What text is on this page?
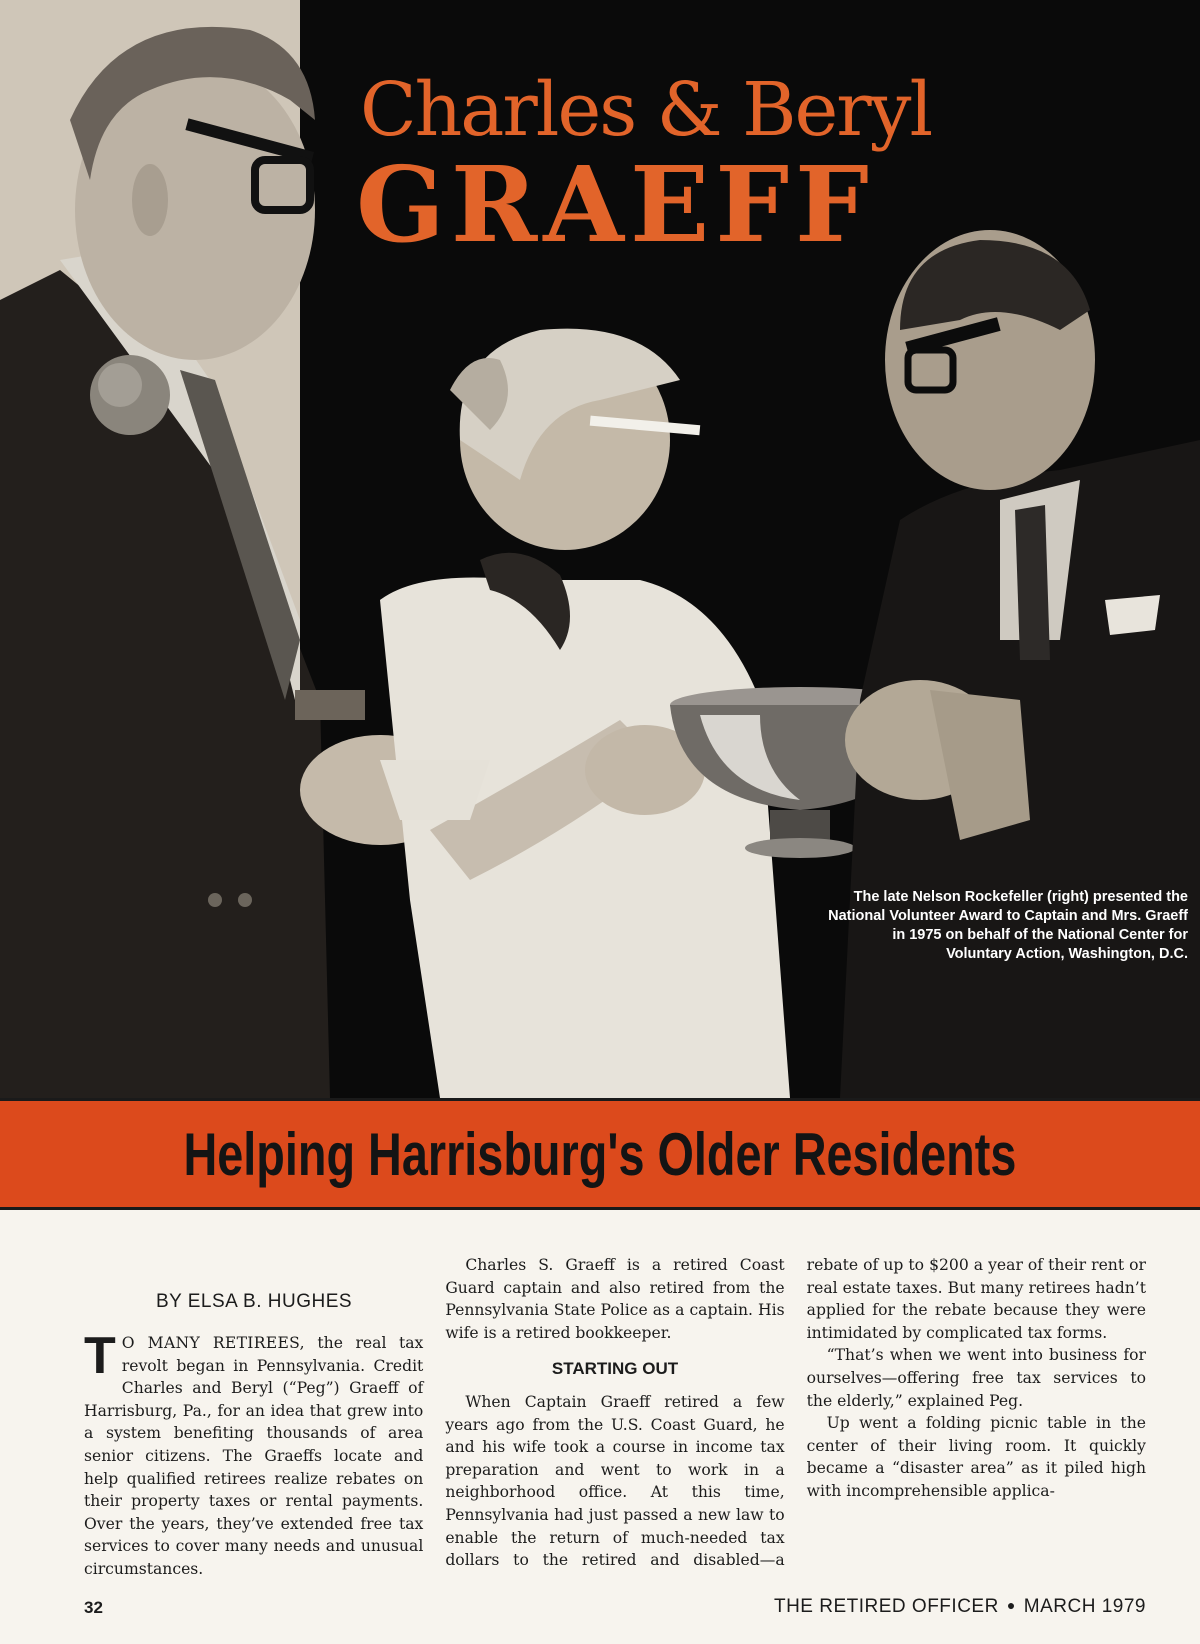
Charles & Beryl
GRAEFF
The late Nelson Rockefeller (right) presented the National Volunteer Award to Captain and Mrs. Graeff in 1975 on behalf of the National Center for Voluntary Action, Washington, D.C.
Helping Harrisburg's Older Residents
BY ELSA B. HUGHES

T O MANY RETIREES, the real tax revolt began in Pennsylvania. Credit Charles and Beryl (“Peg”) Graeff of Harrisburg, Pa., for an idea that grew into a system benefiting thousands of area senior citizens. The Graeffs locate and help qualified retirees realize rebates on their property taxes or rental payments. Over the years, they’ve extended free tax services to cover many needs and unusual circumstances.

Charles S. Graeff is a retired Coast Guard captain and also retired from the Pennsylvania State Police as a captain. His wife is a retired bookkeeper.

STARTING OUT

When Captain Graeff retired a few years ago from the U.S. Coast Guard, he and his wife took a course in income tax preparation and went to work in a neighborhood office. At this time, Pennsylvania had just passed a new law to enable the return of much-needed tax dollars to the retired and disabled—a rebate of up to $200 a year of their rent or real estate taxes. But many retirees hadn’t applied for the rebate because they were intimidated by complicated tax forms.

“That’s when we went into business for ourselves—offering free tax services to the elderly,” explained Peg.

Up went a folding picnic table in the center of their living room. It quickly became a “disaster area” as it piled high with incomprehensible applica-

32	THE RETIRED OFFICER ● MARCH 1979
